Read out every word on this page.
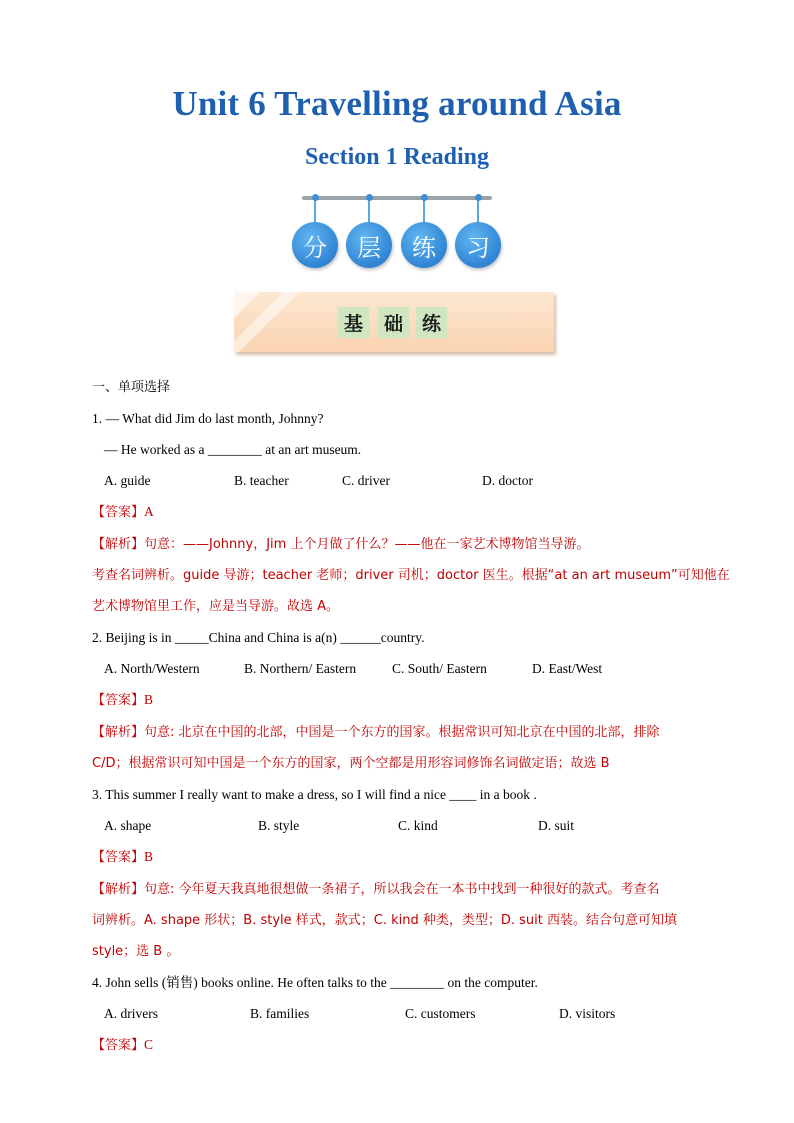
Unit 6 Travelling around Asia
Section 1 Reading
分	层	练	习
基	础 练
一、单项选择
1. — What did Jim do last month, Johnny?
— He worked as a ________ at an art museum.
A. guide	B. teacher	C. driver	D. doctor
【答案】A
【解析】句意：——Johnny，Jim 上个月做了什么？——他在一家艺术博物馆当导游。
考查名词辨析。guide 导游；teacher 老师；driver 司机；doctor 医生。根据“at an art museum”可知他在
艺术博物馆里工作，应是当导游。故选 A。
2. Beijing is in _____China and China is a(n) ______country.
A. North/Western	B. Northern/ Eastern	C. South/ Eastern	D. East/West
【答案】B
【解析】句意: 北京在中国的北部，中国是一个东方的国家。根据常识可知北京在中国的北部，排除
C/D；根据常识可知中国是一个东方的国家，两个空都是用形容词修饰名词做定语；故选 B
3. This summer I really want to make a dress, so I will find a nice ____ in a book .
A. shape	B. style	C. kind	D. suit
【答案】B
【解析】句意: 今年夏天我真地很想做一条裙子，所以我会在一本书中找到一种很好的款式。考查名
词辨析。A. shape 形状；B. style 样式，款式；C. kind 种类，类型；D. suit 西装。结合句意可知填
style；选 B 。
4. John sells (销售) books online. He often talks to the ________ on the computer.
A. drivers	B. families	C. customers	D. visitors
【答案】C
